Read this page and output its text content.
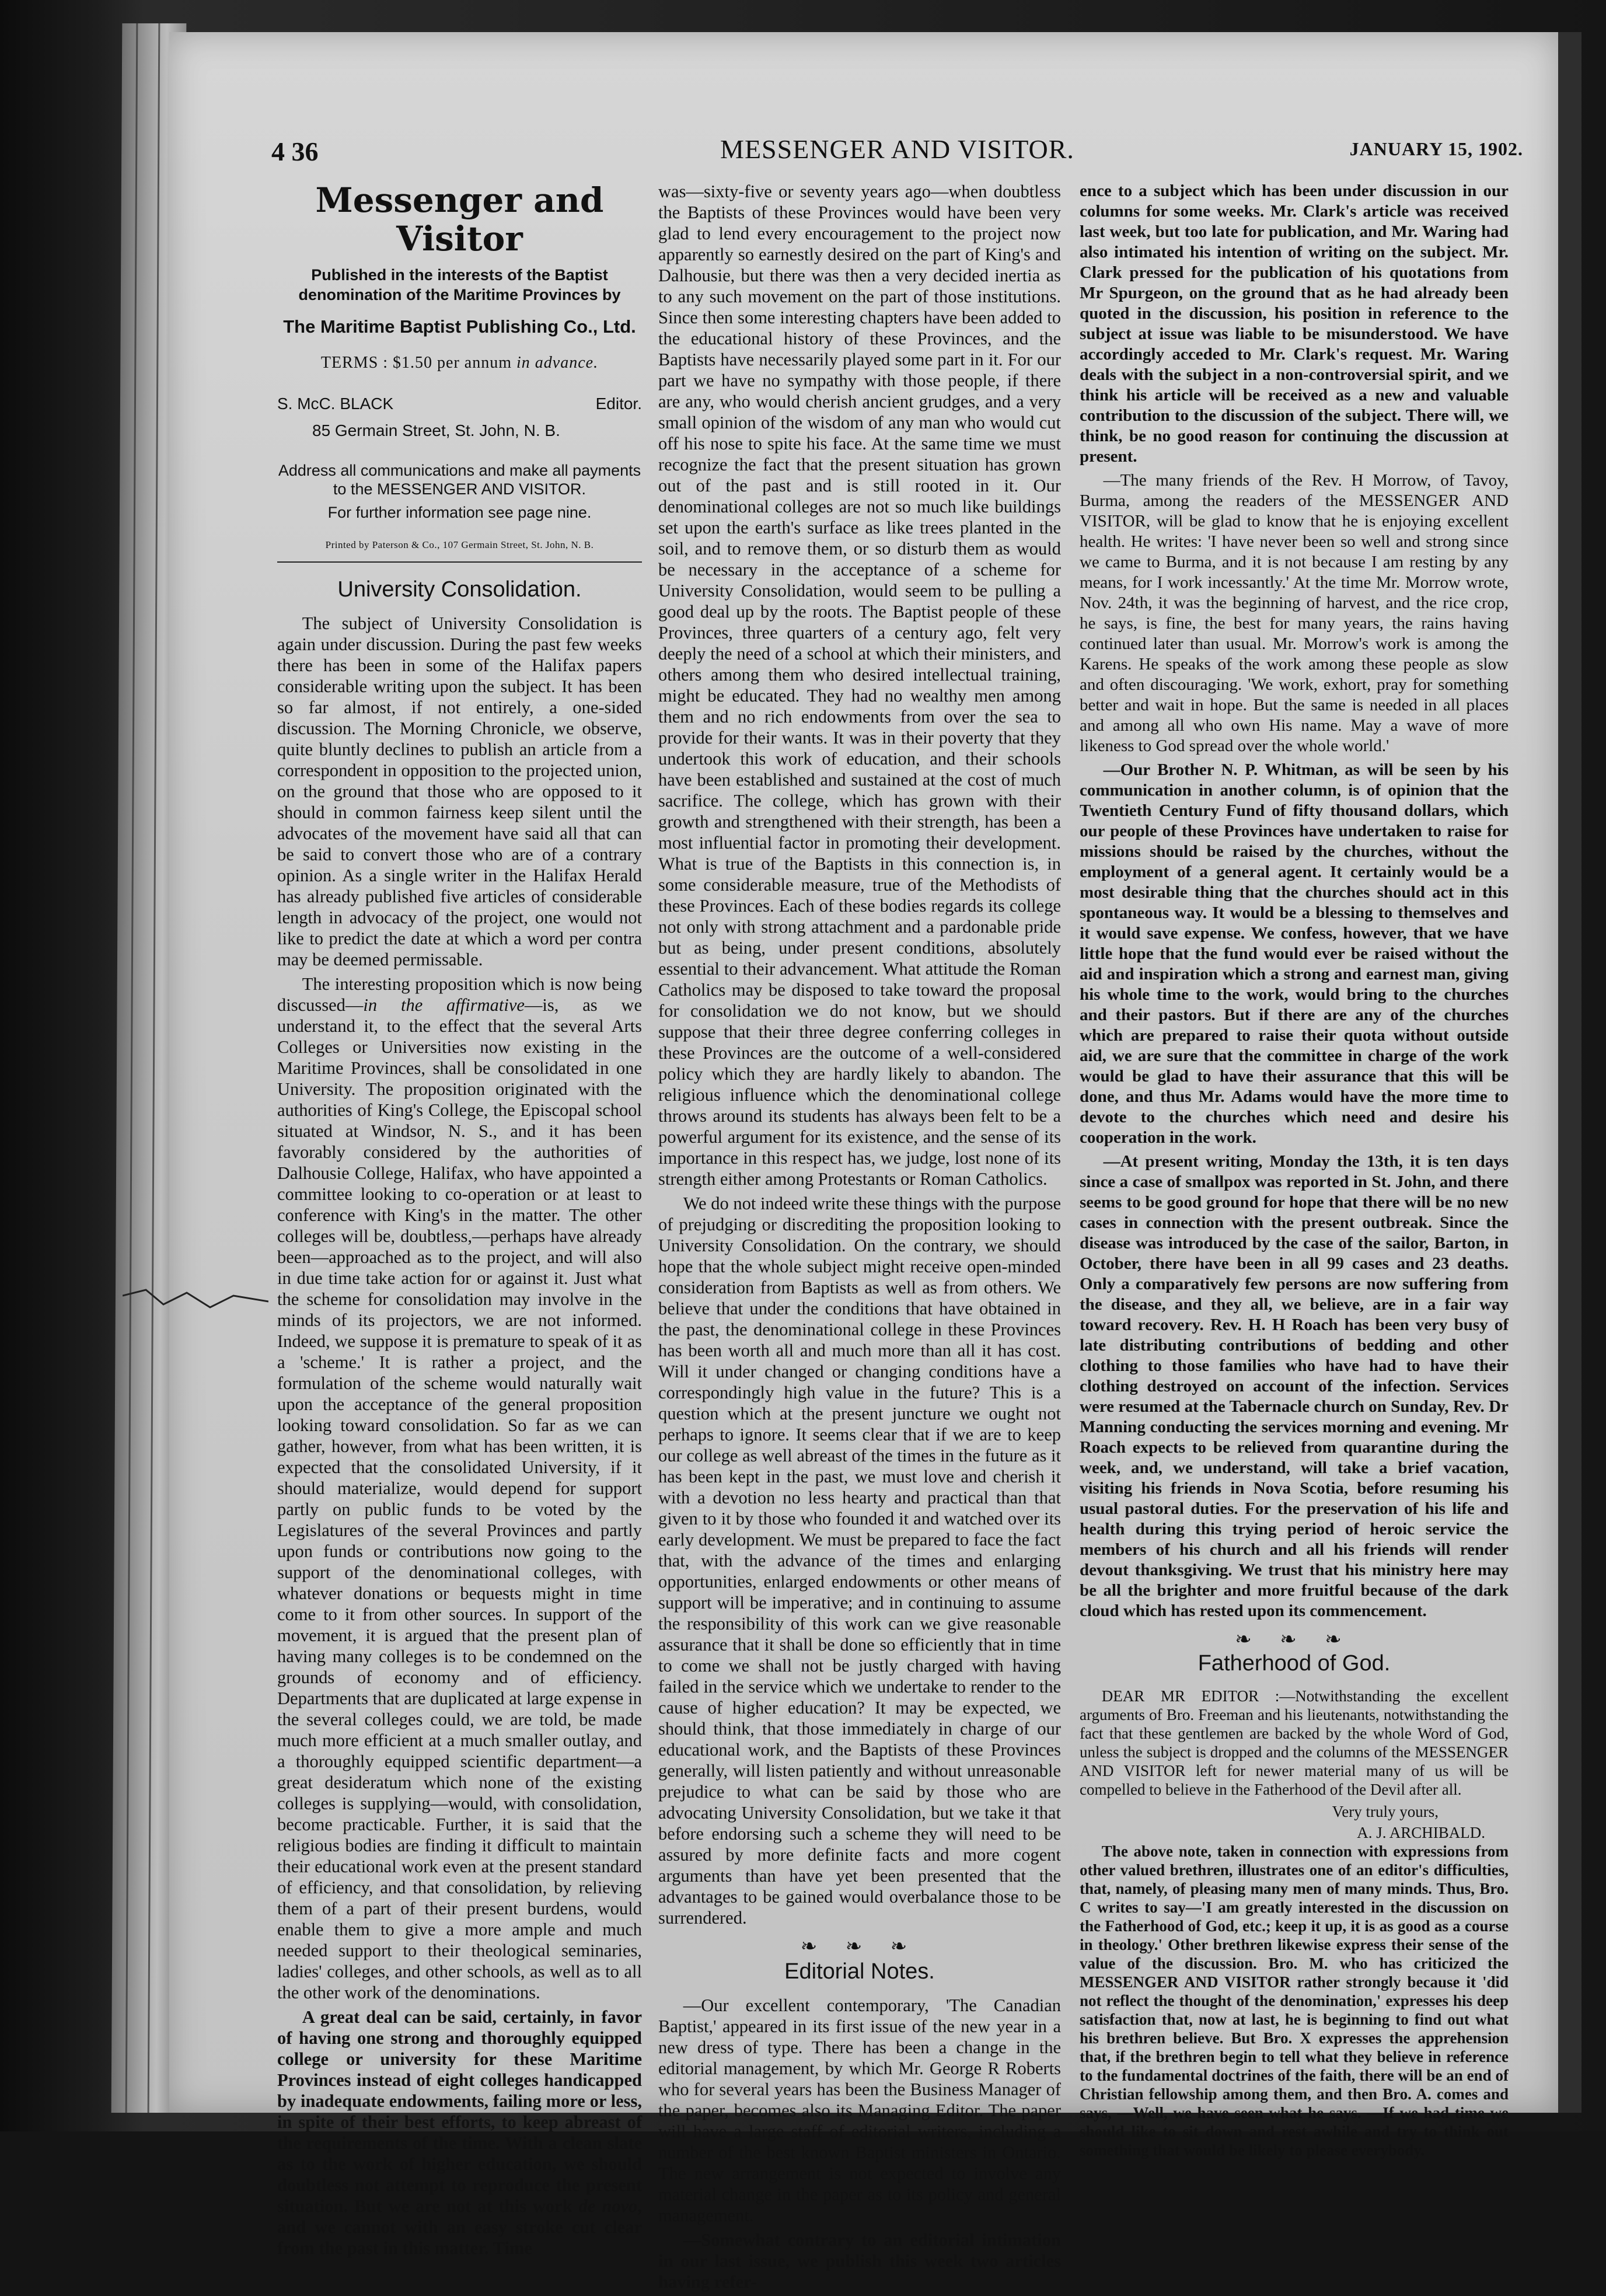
4 36	MESSENGER AND VISITOR.	JANUARY 15, 1902.
Messenger and Visitor
Published in the interests of the Baptist denomination of the Maritime Provinces by
The Maritime Baptist Publishing Co., Ltd.
TERMS : $1.50 per annum in advance.
S. McC. BLACK	Editor.
85 Germain Street, St. John, N. B.
Address all communications and make all payments to the MESSENGER AND VISITOR.
For further information see page nine.
Printed by Paterson & Co., 107 Germain Street, St. John, N. B.
University Consolidation.

The subject of University Consolidation is again under discussion. During the past few weeks there has been in some of the Halifax papers considerable writing upon the subject. It has been so far almost, if not entirely, a one-sided discussion. The Morning Chronicle, we observe, quite bluntly declines to publish an article from a correspondent in opposition to the projected union, on the ground that those who are opposed to it should in common fairness keep silent until the advocates of the movement have said all that can be said to convert those who are of a contrary opinion. As a single writer in the Halifax Herald has already published five articles of considerable length in advocacy of the project, one would not like to predict the date at which a word per contra may be deemed permissable.

The interesting proposition which is now being discussed—in the affirmative—is, as we understand it, to the effect that the several Arts Colleges or Universities now existing in the Maritime Provinces, shall be consolidated in one University. The proposition originated with the authorities of King's College, the Episcopal school situated at Windsor, N. S., and it has been favorably considered by the authorities of Dalhousie College, Halifax, who have appointed a committee looking to co-operation or at least to conference with King's in the matter. The other colleges will be, doubtless,—perhaps have already been—approached as to the project, and will also in due time take action for or against it. Just what the scheme for consolidation may involve in the minds of its projectors, we are not informed. Indeed, we suppose it is premature to speak of it as a 'scheme.' It is rather a project, and the formulation of the scheme would naturally wait upon the acceptance of the general proposition looking toward consolidation. So far as we can gather, however, from what has been written, it is expected that the consolidated University, if it should materialize, would depend for support partly on public funds to be voted by the Legislatures of the several Provinces and partly upon funds or contributions now going to the support of the denominational colleges, with whatever donations or bequests might in time come to it from other sources. In support of the movement, it is argued that the present plan of having many colleges is to be condemned on the grounds of economy and of efficiency. Departments that are duplicated at large expense in the several colleges could, we are told, be made much more efficient at a much smaller outlay, and a thoroughly equipped scientific department—a great desideratum which none of the existing colleges is supplying—would, with consolidation, become practicable. Further, it is said that the religious bodies are finding it difficult to maintain their educational work even at the present standard of efficiency, and that consolidation, by relieving them of a part of their present burdens, would enable them to give a more ample and much needed support to their theological seminaries, ladies' colleges, and other schools, as well as to all the other work of the denominations.

A great deal can be said, certainly, in favor of having one strong and thoroughly equipped college or university for these Maritime Provinces instead of eight colleges handicapped by inadequate endowments, failing more or less, in spite of their best efforts, to keep abreast of the requirements of the time. With a clean slate as to the work of higher education, we should doubtless not attempt to reproduce the present situation. But we are not at this work de novo, and we cannot with an easy stroke cut clear from the past in this matter. Time

was—sixty-five or seventy years ago—when doubtless the Baptists of these Provinces would have been very glad to lend every encouragement to the project now apparently so earnestly desired on the part of King's and Dalhousie, but there was then a very decided inertia as to any such movement on the part of those institutions. Since then some interesting chapters have been added to the educational history of these Provinces, and the Baptists have necessarily played some part in it. For our part we have no sympathy with those people, if there are any, who would cherish ancient grudges, and a very small opinion of the wisdom of any man who would cut off his nose to spite his face. At the same time we must recognize the fact that the present situation has grown out of the past and is still rooted in it. Our denominational colleges are not so much like buildings set upon the earth's surface as like trees planted in the soil, and to remove them, or so disturb them as would be necessary in the acceptance of a scheme for University Consolidation, would seem to be pulling a good deal up by the roots. The Baptist people of these Provinces, three quarters of a century ago, felt very deeply the need of a school at which their ministers, and others among them who desired intellectual training, might be educated. They had no wealthy men among them and no rich endowments from over the sea to provide for their wants. It was in their poverty that they undertook this work of education, and their schools have been established and sustained at the cost of much sacrifice. The college, which has grown with their growth and strengthened with their strength, has been a most influential factor in promoting their development. What is true of the Baptists in this connection is, in some considerable measure, true of the Methodists of these Provinces. Each of these bodies regards its college not only with strong attachment and a pardonable pride but as being, under present conditions, absolutely essential to their advancement. What attitude the Roman Catholics may be disposed to take toward the proposal for consolidation we do not know, but we should suppose that their three degree conferring colleges in these Provinces are the outcome of a well-considered policy which they are hardly likely to abandon. The religious influence which the denominational college throws around its students has always been felt to be a powerful argument for its existence, and the sense of its importance in this respect has, we judge, lost none of its strength either among Protestants or Roman Catholics.

We do not indeed write these things with the purpose of prejudging or discrediting the proposition looking to University Consolidation. On the contrary, we should hope that the whole subject might receive open-minded consideration from Baptists as well as from others. We believe that under the conditions that have obtained in the past, the denominational college in these Provinces has been worth all and much more than all it has cost. Will it under changed or changing conditions have a correspondingly high value in the future? This is a question which at the present juncture we ought not perhaps to ignore. It seems clear that if we are to keep our college as well abreast of the times in the future as it has been kept in the past, we must love and cherish it with a devotion no less hearty and practical than that given to it by those who founded it and watched over its early development. We must be prepared to face the fact that, with the advance of the times and enlarging opportunities, enlarged endowments or other means of support will be imperative; and in continuing to assume the responsibility of this work can we give reasonable assurance that it shall be done so efficiently that in time to come we shall not be justly charged with having failed in the service which we undertake to render to the cause of higher education? It may be expected, we should think, that those immediately in charge of our educational work, and the Baptists of these Provinces generally, will listen patiently and without unreasonable prejudice to what can be said by those who are advocating University Consolidation, but we take it that before endorsing such a scheme they will need to be assured by more definite facts and more cogent arguments than have yet been presented that the advantages to be gained would overbalance those to be surrendered.

❧ ❧ ❧
Editorial Notes.

—Our excellent contemporary, 'The Canadian Baptist,' appeared in its first issue of the new year in a new dress of type. There has been a change in the editorial management, by which Mr. George R Roberts who for several years has been the Business Manager of the paper, becomes also its Managing Editor. The paper will have a large staff of editorial writers, including a number of the best known Baptist ministers in Ontario. The new arrangement is not expected to involve any material change in the paper as to its policy and general management.

—Somewhat contrary to an editorial intimation in our last issue, we publish this week two articles having refer-

ence to a subject which has been under discussion in our columns for some weeks. Mr. Clark's article was received last week, but too late for publication, and Mr. Waring had also intimated his intention of writing on the subject. Mr. Clark pressed for the publication of his quotations from Mr Spurgeon, on the ground that as he had already been quoted in the discussion, his position in reference to the subject at issue was liable to be misunderstood. We have accordingly acceded to Mr. Clark's request. Mr. Waring deals with the subject in a non-controversial spirit, and we think his article will be received as a new and valuable contribution to the discussion of the subject. There will, we think, be no good reason for continuing the discussion at present.

—The many friends of the Rev. H Morrow, of Tavoy, Burma, among the readers of the MESSENGER AND VISITOR, will be glad to know that he is enjoying excellent health. He writes: 'I have never been so well and strong since we came to Burma, and it is not because I am resting by any means, for I work incessantly.' At the time Mr. Morrow wrote, Nov. 24th, it was the beginning of harvest, and the rice crop, he says, is fine, the best for many years, the rains having continued later than usual. Mr. Morrow's work is among the Karens. He speaks of the work among these people as slow and often discouraging. 'We work, exhort, pray for something better and wait in hope. But the same is needed in all places and among all who own His name. May a wave of more likeness to God spread over the whole world.'

—Our Brother N. P. Whitman, as will be seen by his communication in another column, is of opinion that the Twentieth Century Fund of fifty thousand dollars, which our people of these Provinces have undertaken to raise for missions should be raised by the churches, without the employment of a general agent. It certainly would be a most desirable thing that the churches should act in this spontaneous way. It would be a blessing to themselves and it would save expense. We confess, however, that we have little hope that the fund would ever be raised without the aid and inspiration which a strong and earnest man, giving his whole time to the work, would bring to the churches and their pastors. But if there are any of the churches which are prepared to raise their quota without outside aid, we are sure that the committee in charge of the work would be glad to have their assurance that this will be done, and thus Mr. Adams would have the more time to devote to the churches which need and desire his cooperation in the work.

—At present writing, Monday the 13th, it is ten days since a case of smallpox was reported in St. John, and there seems to be good ground for hope that there will be no new cases in connection with the present outbreak. Since the disease was introduced by the case of the sailor, Barton, in October, there have been in all 99 cases and 23 deaths. Only a comparatively few persons are now suffering from the disease, and they all, we believe, are in a fair way toward recovery. Rev. H. H Roach has been very busy of late distributing contributions of bedding and other clothing to those families who have had to have their clothing destroyed on account of the infection. Services were resumed at the Tabernacle church on Sunday, Rev. Dr Manning conducting the services morning and evening. Mr Roach expects to be relieved from quarantine during the week, and, we understand, will take a brief vacation, visiting his friends in Nova Scotia, before resuming his usual pastoral duties. For the preservation of his life and health during this trying period of heroic service the members of his church and all his friends will render devout thanksgiving. We trust that his ministry here may be all the brighter and more fruitful because of the dark cloud which has rested upon its commencement.

❧ ❧ ❧
Fatherhood of God.

DEAR MR EDITOR :—Notwithstanding the excellent arguments of Bro. Freeman and his lieutenants, notwithstanding the fact that these gentlemen are backed by the whole Word of God, unless the subject is dropped and the columns of the MESSENGER AND VISITOR left for newer material many of us will be compelled to believe in the Fatherhood of the Devil after all.

Very truly yours,
A. J. ARCHIBALD.

The above note, taken in connection with expressions from other valued brethren, illustrates one of an editor's difficulties, that, namely, of pleasing many men of many minds. Thus, Bro. C writes to say—'I am greatly interested in the discussion on the Fatherhood of God, etc.; keep it up, it is as good as a course in theology.' Other brethren likewise express their sense of the value of the discussion. Bro. M. who has criticized the MESSENGER AND VISITOR rather strongly because it 'did not reflect the thought of the denomination,' expresses his deep satisfaction that, now at last, he is beginning to find out what his brethren believe. But Bro. X expresses the apprehension that, if the brethren begin to tell what they believe in reference to the fundamental doctrines of the faith, there will be an end of Christian fellowship among them, and then Bro. A. comes and says, —Well, we have seen what he says. —If we had time we should like to sit down and rest awhile and try to think out something that would be likely to please everybody.
